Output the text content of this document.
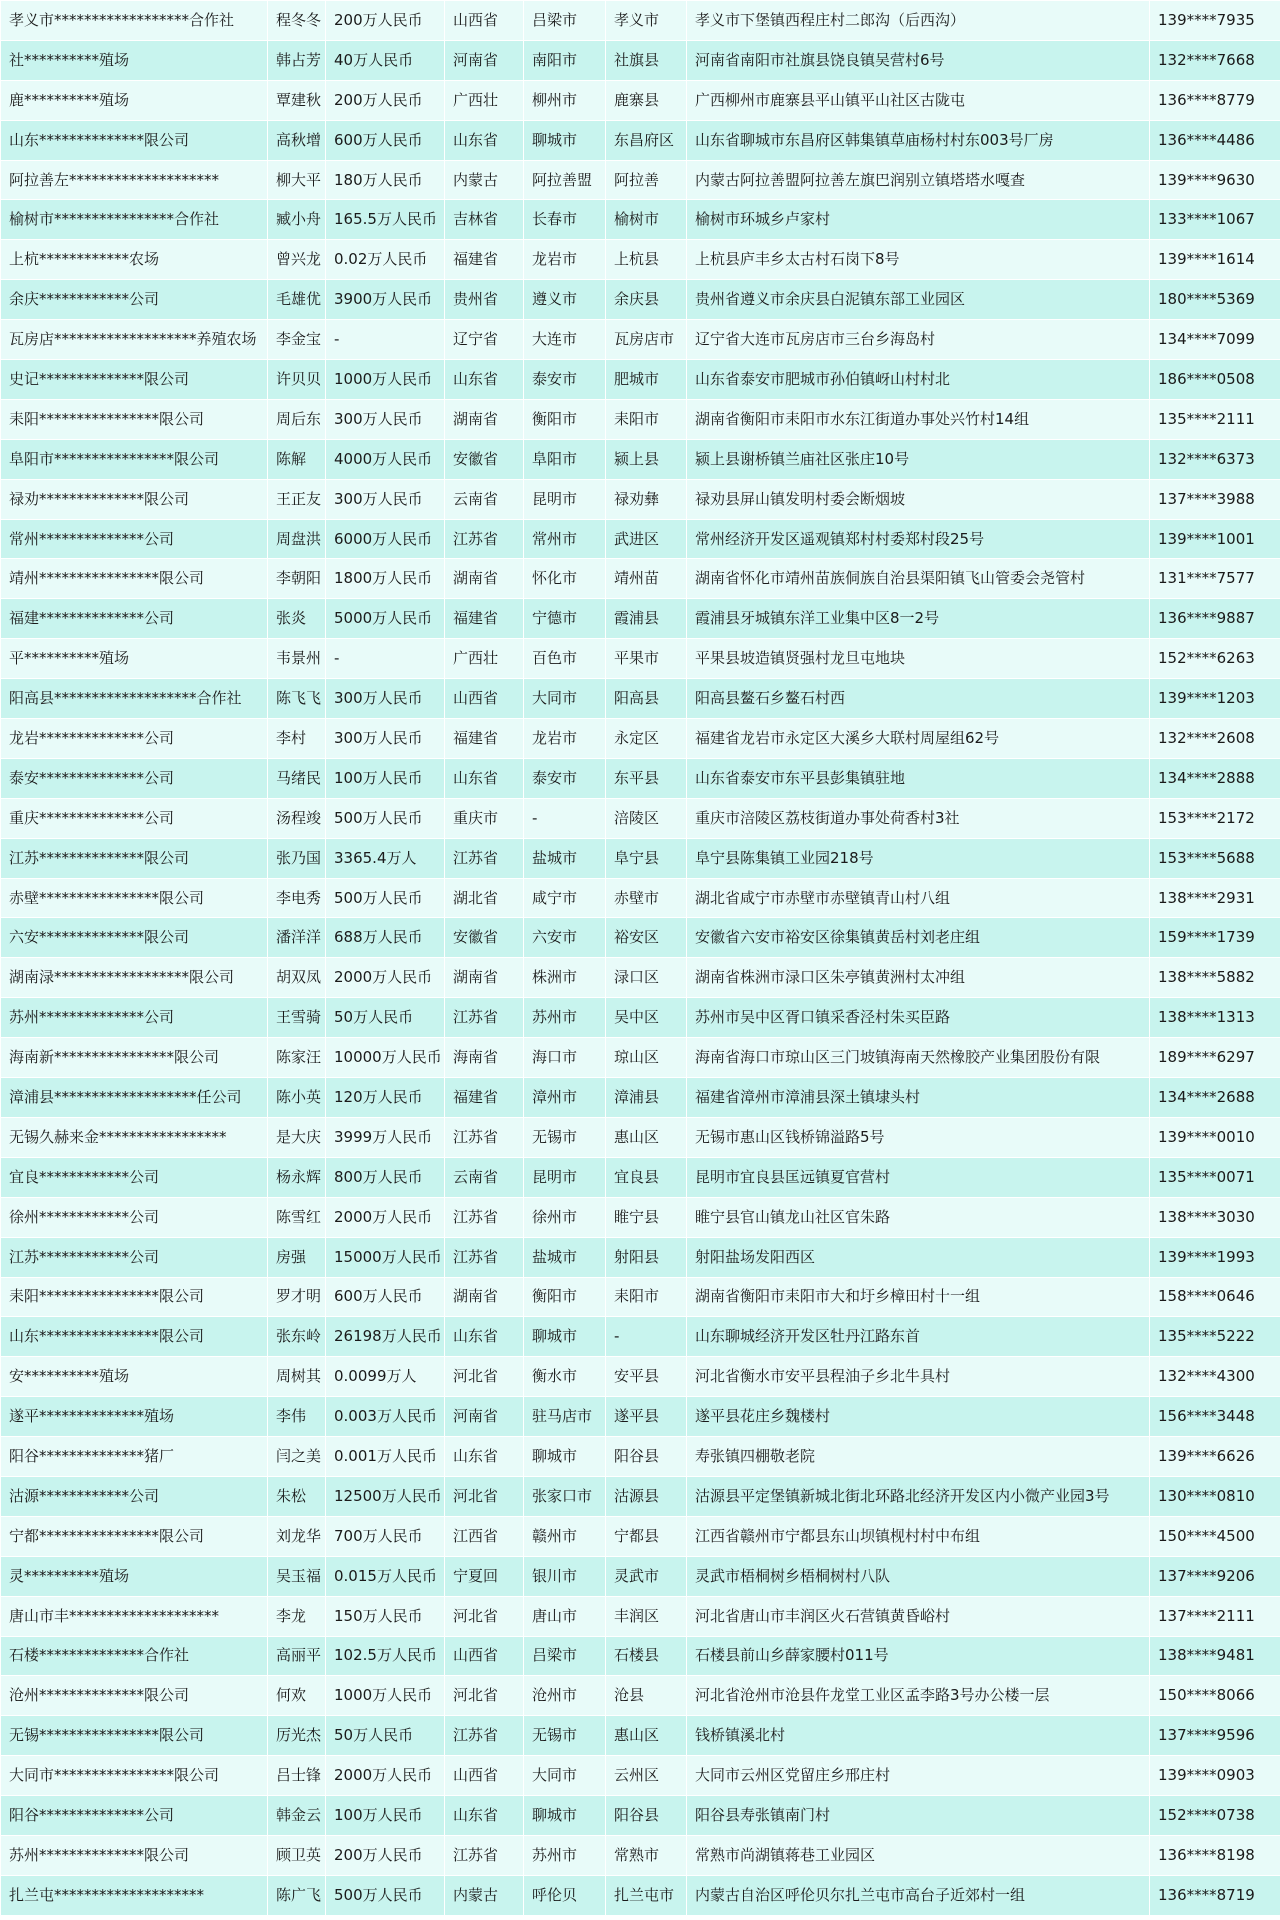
孝义市******************合作社	程冬冬	200万人民币	山西省	吕梁市	孝义市	孝义市下堡镇西程庄村二郎沟（后西沟）	139****7935
社**********殖场	韩占芳	40万人民币	河南省	南阳市	社旗县	河南省南阳市社旗县饶良镇吴营村6号	132****7668
鹿**********殖场	覃建秋	200万人民币	广西壮	柳州市	鹿寨县	广西柳州市鹿寨县平山镇平山社区古陇屯	136****8779
山东**************限公司	高秋增	600万人民币	山东省	聊城市	东昌府区	山东省聊城市东昌府区韩集镇草庙杨村村东003号厂房	136****4486
阿拉善左********************	柳大平	180万人民币	内蒙古	阿拉善盟	阿拉善	内蒙古阿拉善盟阿拉善左旗巴润别立镇塔塔水嘎查	139****9630
榆树市****************合作社	臧小舟	165.5万人民币	吉林省	长春市	榆树市	榆树市环城乡卢家村	133****1067
上杭************农场	曾兴龙	0.02万人民币	福建省	龙岩市	上杭县	上杭县庐丰乡太古村石岗下8号	139****1614
余庆************公司	毛雄优	3900万人民币	贵州省	遵义市	余庆县	贵州省遵义市余庆县白泥镇东部工业园区	180****5369
瓦房店*******************养殖农场	李金宝	-	辽宁省	大连市	瓦房店市	辽宁省大连市瓦房店市三台乡海岛村	134****7099
史记**************限公司	许贝贝	1000万人民币	山东省	泰安市	肥城市	山东省泰安市肥城市孙伯镇岈山村村北	186****0508
耒阳****************限公司	周后东	300万人民币	湖南省	衡阳市	耒阳市	湖南省衡阳市耒阳市水东江街道办事处兴竹村14组	135****2111
阜阳市****************限公司	陈解	4000万人民币	安徽省	阜阳市	颍上县	颍上县谢桥镇兰庙社区张庄10号	132****6373
禄劝**************限公司	王正友	300万人民币	云南省	昆明市	禄劝彝	禄劝县屏山镇发明村委会断烟坡	137****3988
常州**************公司	周盘洪	6000万人民币	江苏省	常州市	武进区	常州经济开发区遥观镇郑村村委郑村段25号	139****1001
靖州****************限公司	李朝阳	1800万人民币	湖南省	怀化市	靖州苗	湖南省怀化市靖州苗族侗族自治县渠阳镇飞山管委会尧管村	131****7577
福建**************公司	张炎	5000万人民币	福建省	宁德市	霞浦县	霞浦县牙城镇东洋工业集中区8一2号	136****9887
平**********殖场	韦景州	-	广西壮	百色市	平果市	平果县坡造镇贤强村龙旦屯地块	152****6263
阳高县*******************合作社	陈飞飞	300万人民币	山西省	大同市	阳高县	阳高县鳌石乡鳌石村西	139****1203
龙岩**************公司	李村	300万人民币	福建省	龙岩市	永定区	福建省龙岩市永定区大溪乡大联村周屋组62号	132****2608
泰安**************公司	马绪民	100万人民币	山东省	泰安市	东平县	山东省泰安市东平县彭集镇驻地	134****2888
重庆**************公司	汤程竣	500万人民币	重庆市	-	涪陵区	重庆市涪陵区荔枝街道办事处荷香村3社	153****2172
江苏**************限公司	张乃国	3365.4万人	江苏省	盐城市	阜宁县	阜宁县陈集镇工业园218号	153****5688
赤壁****************限公司	李电秀	500万人民币	湖北省	咸宁市	赤壁市	湖北省咸宁市赤壁市赤壁镇青山村八组	138****2931
六安**************限公司	潘洋洋	688万人民币	安徽省	六安市	裕安区	安徽省六安市裕安区徐集镇黄岳村刘老庄组	159****1739
湖南渌******************限公司	胡双凤	2000万人民币	湖南省	株洲市	渌口区	湖南省株洲市渌口区朱亭镇黄洲村太冲组	138****5882
苏州**************公司	王雪骑	50万人民币	江苏省	苏州市	吴中区	苏州市吴中区胥口镇采香泾村朱买臣路	138****1313
海南新****************限公司	陈家汪	10000万人民币	海南省	海口市	琼山区	海南省海口市琼山区三门坡镇海南天然橡胶产业集团股份有限	189****6297
漳浦县*******************任公司	陈小英	120万人民币	福建省	漳州市	漳浦县	福建省漳州市漳浦县深土镇埭头村	134****2688
无锡久赫来金*****************	是大庆	3999万人民币	江苏省	无锡市	惠山区	无锡市惠山区钱桥锦溢路5号	139****0010
宜良************公司	杨永辉	800万人民币	云南省	昆明市	宜良县	昆明市宜良县匡远镇夏官营村	135****0071
徐州************公司	陈雪红	2000万人民币	江苏省	徐州市	睢宁县	睢宁县官山镇龙山社区官朱路	138****3030
江苏************公司	房强	15000万人民币	江苏省	盐城市	射阳县	射阳盐场发阳西区	139****1993
耒阳****************限公司	罗才明	600万人民币	湖南省	衡阳市	耒阳市	湖南省衡阳市耒阳市大和圩乡樟田村十一组	158****0646
山东****************限公司	张东岭	26198万人民币	山东省	聊城市	-	山东聊城经济开发区牡丹江路东首	135****5222
安**********殖场	周树其	0.0099万人	河北省	衡水市	安平县	河北省衡水市安平县程油子乡北牛具村	132****4300
遂平**************殖场	李伟	0.003万人民币	河南省	驻马店市	遂平县	遂平县花庄乡魏楼村	156****3448
阳谷**************猪厂	闫之美	0.001万人民币	山东省	聊城市	阳谷县	寿张镇四棚敬老院	139****6626
沽源************公司	朱松	12500万人民币	河北省	张家口市	沽源县	沽源县平定堡镇新城北街北环路北经济开发区内小微产业园3号	130****0810
宁都****************限公司	刘龙华	700万人民币	江西省	赣州市	宁都县	江西省赣州市宁都县东山坝镇枧村村中布组	150****4500
灵**********殖场	吴玉福	0.015万人民币	宁夏回	银川市	灵武市	灵武市梧桐树乡梧桐树村八队	137****9206
唐山市丰********************	李龙	150万人民币	河北省	唐山市	丰润区	河北省唐山市丰润区火石营镇黄昏峪村	137****2111
石楼**************合作社	高丽平	102.5万人民币	山西省	吕梁市	石楼县	石楼县前山乡薛家腰村011号	138****9481
沧州**************限公司	何欢	1000万人民币	河北省	沧州市	沧县	河北省沧州市沧县仵龙堂工业区孟李路3号办公楼一层	150****8066
无锡****************限公司	厉光杰	50万人民币	江苏省	无锡市	惠山区	钱桥镇溪北村	137****9596
大同市****************限公司	吕士锋	2000万人民币	山西省	大同市	云州区	大同市云州区党留庄乡邢庄村	139****0903
阳谷**************公司	韩金云	100万人民币	山东省	聊城市	阳谷县	阳谷县寿张镇南门村	152****0738
苏州**************限公司	顾卫英	200万人民币	江苏省	苏州市	常熟市	常熟市尚湖镇蒋巷工业园区	136****8198
扎兰屯********************	陈广飞	500万人民币	内蒙古	呼伦贝	扎兰屯市	内蒙古自治区呼伦贝尔扎兰屯市高台子近郊村一组	136****8719
